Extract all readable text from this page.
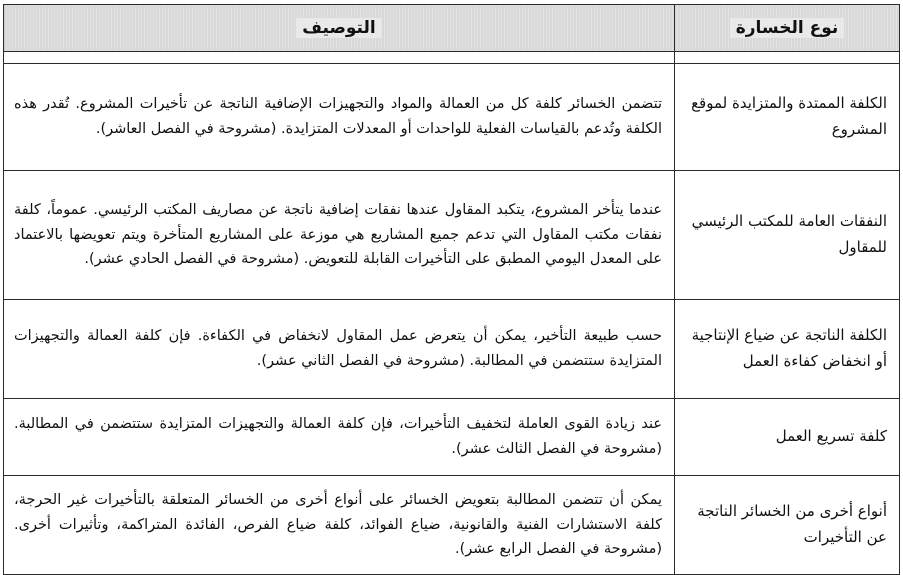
نوع الخسارة	التوصيف

الكلفة الممتدة والمتزايدة لموقع المشروع	تتضمن الخسائر كلفة كل من العمالة والمواد والتجهيزات الإضافية الناتجة عن تأخيرات المشروع. تُقدر هذه الكلفة وتُدعم بالقياسات الفعلية للواحدات أو المعدلات المتزايدة. (مشروحة في الفصل العاشر).
النفقات العامة للمكتب الرئيسي للمقاول	عندما يتأخر المشروع، يتكبد المقاول عندها نفقات إضافية ناتجة عن مصاريف المكتب الرئيسي. عموماً، كلفة نفقات مكتب المقاول التي تدعم جميع المشاريع هي موزعة على المشاريع المتأخرة ويتم تعويضها بالاعتماد على المعدل اليومي المطبق على التأخيرات القابلة للتعويض. (مشروحة في الفصل الحادي عشر).
الكلفة الناتجة عن ضياع الإنتاجية أو انخفاض كفاءة العمل	حسب طبيعة التأخير، يمكن أن يتعرض عمل المقاول لانخفاض في الكفاءة. فإن كلفة العمالة والتجهيزات المتزايدة ستتضمن في المطالبة. (مشروحة في الفصل الثاني عشر).
كلفة تسريع العمل	عند زيادة القوى العاملة لتخفيف التأخيرات، فإن كلفة العمالة والتجهيزات المتزايدة ستتضمن في المطالبة. (مشروحة في الفصل الثالث عشر).
أنواع أخرى من الخسائر الناتجة عن التأخيرات	يمكن أن تتضمن المطالبة بتعويض الخسائر على أنواع أخرى من الخسائر المتعلقة بالتأخيرات غير الحرجة، كلفة الاستشارات الفنية والقانونية، ضياع الفوائد، كلفة ضياع الفرص، الفائدة المتراكمة، وتأثيرات أخرى. (مشروحة في الفصل الرابع عشر).
